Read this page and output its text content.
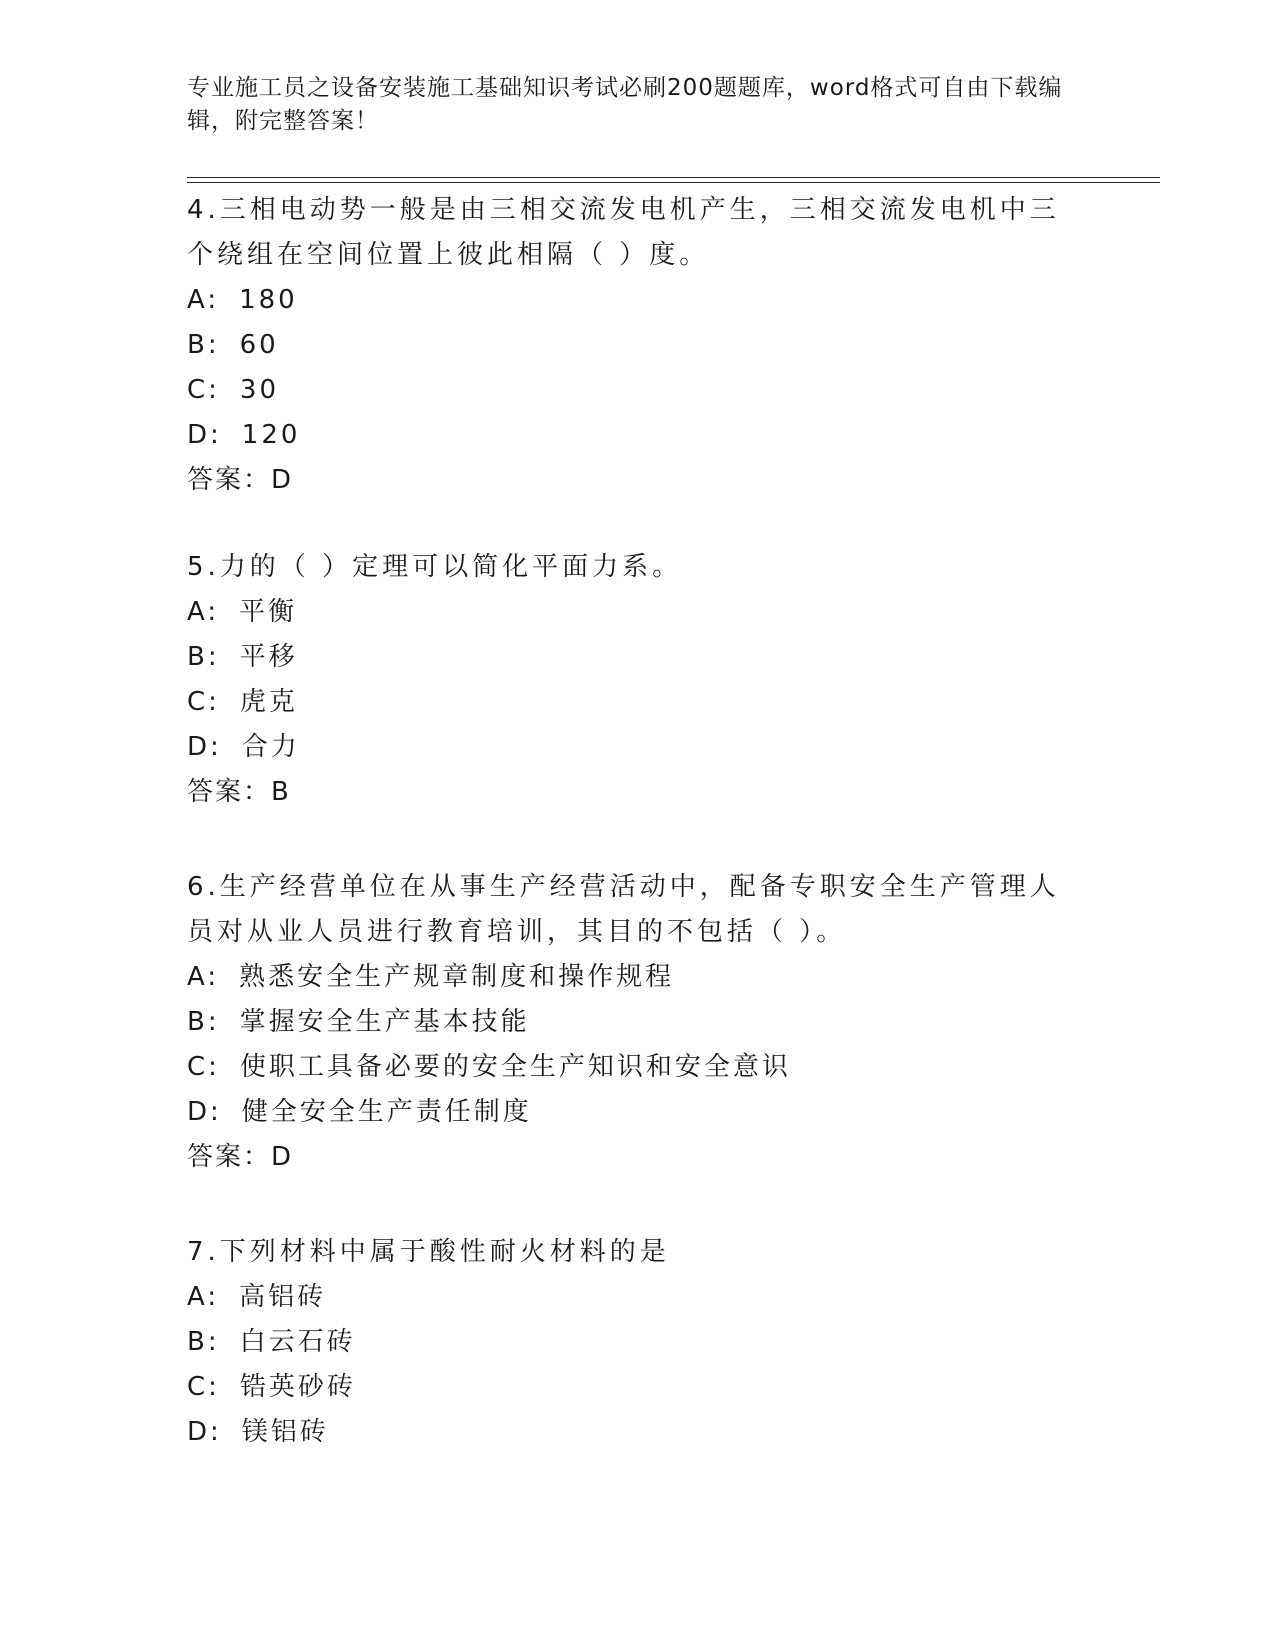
专业施工员之设备安装施工基础知识考试必刷200题题库，word格式可自由下载编辑，附完整答案！

4.三相电动势一般是由三相交流发电机产生，三相交流发电机中三个绕组在空间位置上彼此相隔（ ）度。

A: 180

B: 60

C: 30

D: 120

答案：D

5.力的（ ）定理可以简化平面力系。

A: 平衡

B: 平移

C: 虎克

D: 合力

答案：B

6.生产经营单位在从事生产经营活动中，配备专职安全生产管理人员对从业人员进行教育培训，其目的不包括（ ）。

A: 熟悉安全生产规章制度和操作规程

B: 掌握安全生产基本技能

C: 使职工具备必要的安全生产知识和安全意识

D: 健全安全生产责任制度

答案：D

7.下列材料中属于酸性耐火材料的是

A: 高铝砖

B: 白云石砖

C: 锆英砂砖

D: 镁铝砖
